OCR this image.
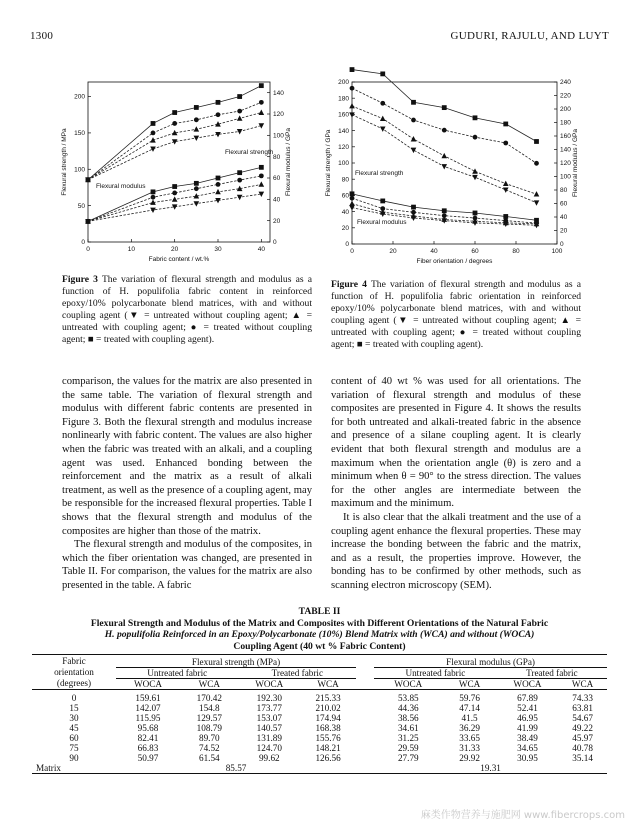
1300	GUDURI, RAJULU, AND LUYT
0	10	20	30	40
0
50
100
150
200
0
20
40
60
80
100
120
140
Fabric content / wt.%
Flexural strength / MPa	Flexural modulus / GPa
Flexural strength
Flexural modulus
0	20	40	60	80	100
0
20
40
60
80
100
120
140
160
180
200
0
20
40
60
80
100
120
140
160
180
200
220
240
Fiber orientation / degrees
Flexural strength / GPa	Flexural modulus / GPa
Flexural strength
Flexural modulus
Figure 3 The variation of flexural strength and modulus as a function of H. populifolia fabric content in reinforced epoxy/10% polycarbonate blend matrices, with and without coupling agent (▼ = untreated without coupling agent; ▲ = untreated with coupling agent; ● = treated without coupling agent; ■ = treated with coupling agent).
Figure 4 The variation of flexural strength and modulus as a function of H. populifolia fabric orientation in reinforced epoxy/10% polycarbonate blend matrices, with and without coupling agent (▼ = untreated without coupling agent; ▲ = untreated with coupling agent; ● = treated without coupling agent; ■ = treated with coupling agent).

comparison, the values for the matrix are also presented in the same table. The variation of flexural strength and modulus with different fabric contents are presented in Figure 3. Both the flexural strength and modulus increase nonlinearly with fabric content. The values are also higher when the fabric was treated with an alkali, and a coupling agent was used. Enhanced bonding between the reinforcement and the matrix as a result of alkali treatment, as well as the presence of a coupling agent, may be responsible for the increased flexural properties. Table I shows that the flexural strength and modulus of the composites are higher than those of the matrix.

The flexural strength and modulus of the composites, in which the fiber orientation was changed, are presented in Table II. For comparison, the values for the matrix are also presented in the table. A fabric

content of 40 wt % was used for all orientations. The variation of flexural strength and modulus of these composites are presented in Figure 4. It shows the results for both untreated and alkali-treated fabric in the absence and presence of a silane coupling agent. It is clearly evident that both flexural strength and modulus are a maximum when the orientation angle (θ) is zero and a minimum when θ = 90° to the stress direction. The values for the other angles are intermediate between the maximum and the minimum.

It is also clear that the alkali treatment and the use of a coupling agent enhance the flexural properties. These may increase the bonding between the fabric and the matrix, and as a result, the properties improve. However, the bonding has to be confirmed by other methods, such as scanning electron microscopy (SEM).

TABLE II
Flexural Strength and Modulus of the Matrix and Composites with Different Orientations of the Natural Fabric
H. populifolia Reinforced in an Epoxy/Polycarbonate (10%) Blend Matrix with (WCA) and without (WOCA)
Coupling Agent (40 wt % Fabric Content)
Fabric
orientation
(degrees)	Flexural strength (MPa)					Flexural modulus (GPa)			
	Untreated fabric		Treated fabric			Untreated fabric		Treated fabric	
	WOCA	WCA	WOCA	WCA		WOCA	WCA	WOCA	WCA
0	159.61	170.42	192.30	215.33		53.85	59.76	67.89	74.33
15	142.07	154.8	173.77	210.02		44.36	47.14	52.41	63.81
30	115.95	129.57	153.07	174.94		38.56	41.5	46.95	54.67
45	95.68	108.79	140.57	168.38		34.61	36.29	41.99	49.22
60	82.41	89.70	131.89	155.76		31.25	33.65	38.49	45.97
75	66.83	74.52	124.70	148.21		29.59	31.33	34.65	40.78
90	50.97	61.54	99.62	126.56		27.79	29.92	30.95	35.14
Matrix	85.57					19.31			
麻类作物营养与施肥网 www.fibercrops.com
